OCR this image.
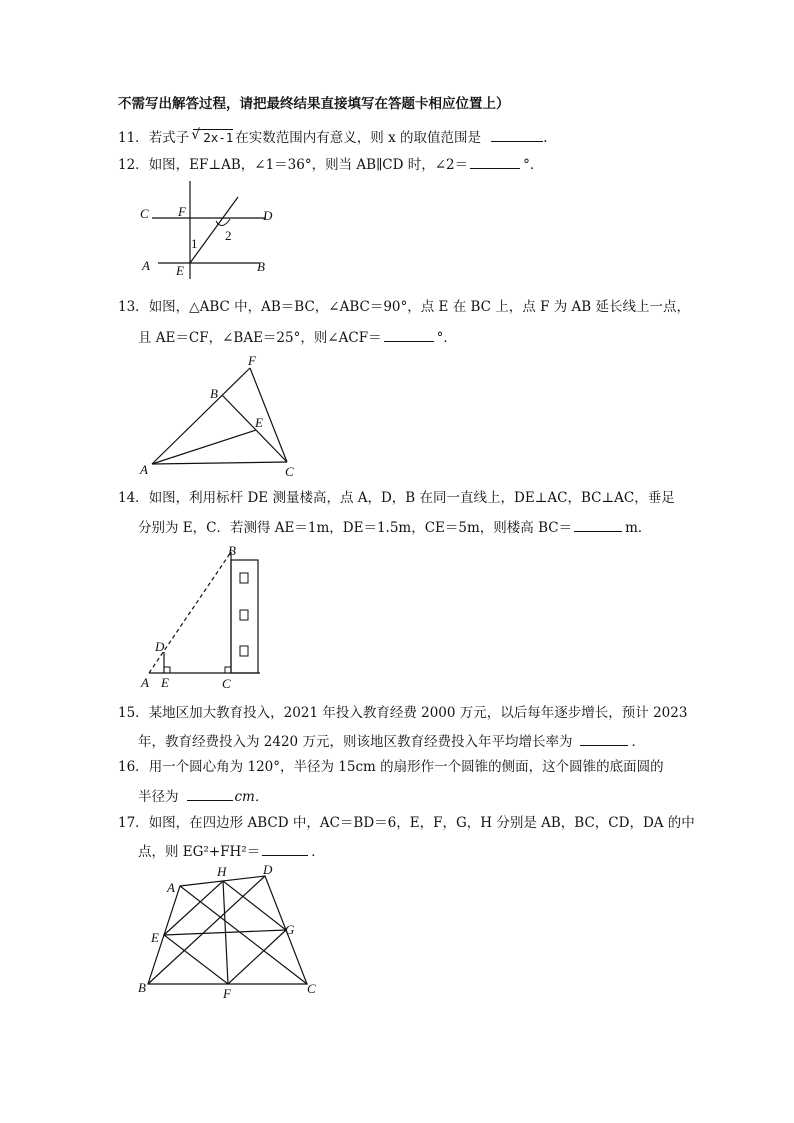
不需写出解答过程，请把最终结果直接填写在答题卡相应位置上）
11．若式子 √ 2x-1 在实数范围内有意义，则 x 的取值范围是	.
12．如图，EF⊥AB，∠1＝36°，则当 AB∥CD 时，∠2＝	°．
C F	D
2
1
A E	B
13．如图，△ABC 中，AB＝BC，∠ABC＝90°，点 E 在 BC 上，点 F 为 AB 延长线上一点，
且 AE＝CF，∠BAE＝25°，则∠ACF＝	°．
F
B
E
A	C
14．如图，利用标杆 DE 测量楼高，点 A，D，B 在同一直线上，DE⊥AC，BC⊥AC，垂足
分别为 E，C．若测得 AE＝1m，DE＝1.5m，CE＝5m，则楼高 BC＝	m．
B
D
A E	C
15．某地区加大教育投入，2021 年投入教育经费 2000 万元，以后每年逐步增长，预计 2023
年，教育经费投入为 2420 万元，则该地区教育经费投入年平均增长率为	．
16．用一个圆心角为 120°，半径为 15cm 的扇形作一个圆锥的侧面，这个圆锥的底面圆的
半径为	cm．
17．如图，在四边形 ABCD 中，AC＝BD＝6，E，F，G，H 分别是 AB，BC，CD，DA 的中
点，则 EG²+FH²＝	．
A
H	D
E
G
B	F	C
